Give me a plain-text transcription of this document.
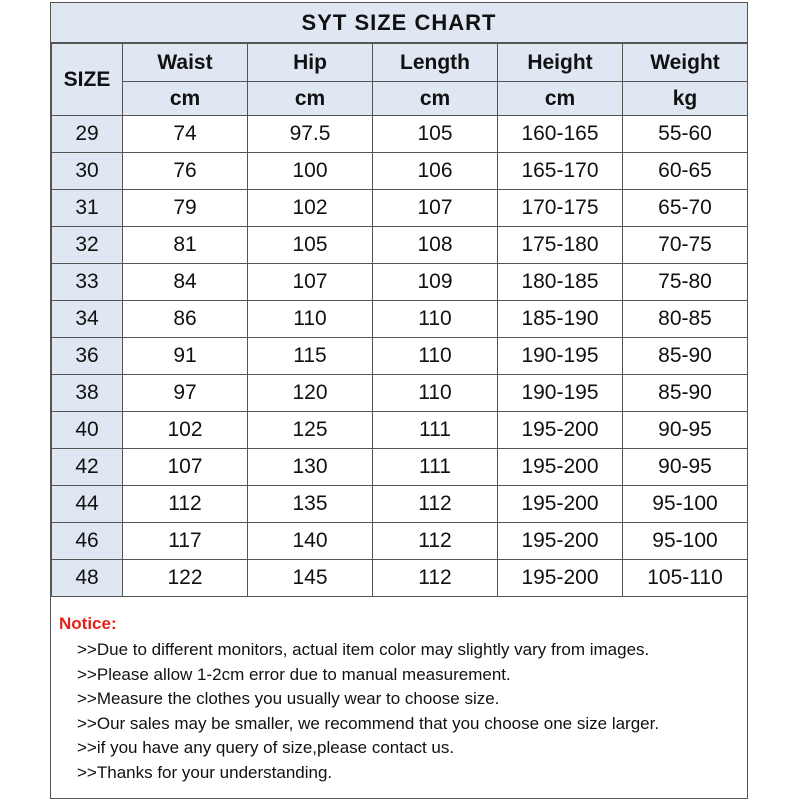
SYT SIZE CHART
SIZE	Waist	Hip	Length	Height	Weight
	cm	cm	cm	cm	kg
29	74	97.5	105	160-165	55-60
30	76	100	106	165-170	60-65
31	79	102	107	170-175	65-70
32	81	105	108	175-180	70-75
33	84	107	109	180-185	75-80
34	86	110	110	185-190	80-85
36	91	115	110	190-195	85-90
38	97	120	110	190-195	85-90
40	102	125	111	195-200	90-95
42	107	130	111	195-200	90-95
44	112	135	112	195-200	95-100
46	117	140	112	195-200	95-100
48	122	145	112	195-200	105-110
Notice:
>>Due to different monitors, actual item color may slightly vary from images.
>>Please allow 1-2cm error due to manual measurement.
>>Measure the clothes you usually wear to choose size.
>>Our sales may be smaller, we recommend that you choose one size larger.
>>if you have any query of size,please contact us.
>>Thanks for your understanding.
